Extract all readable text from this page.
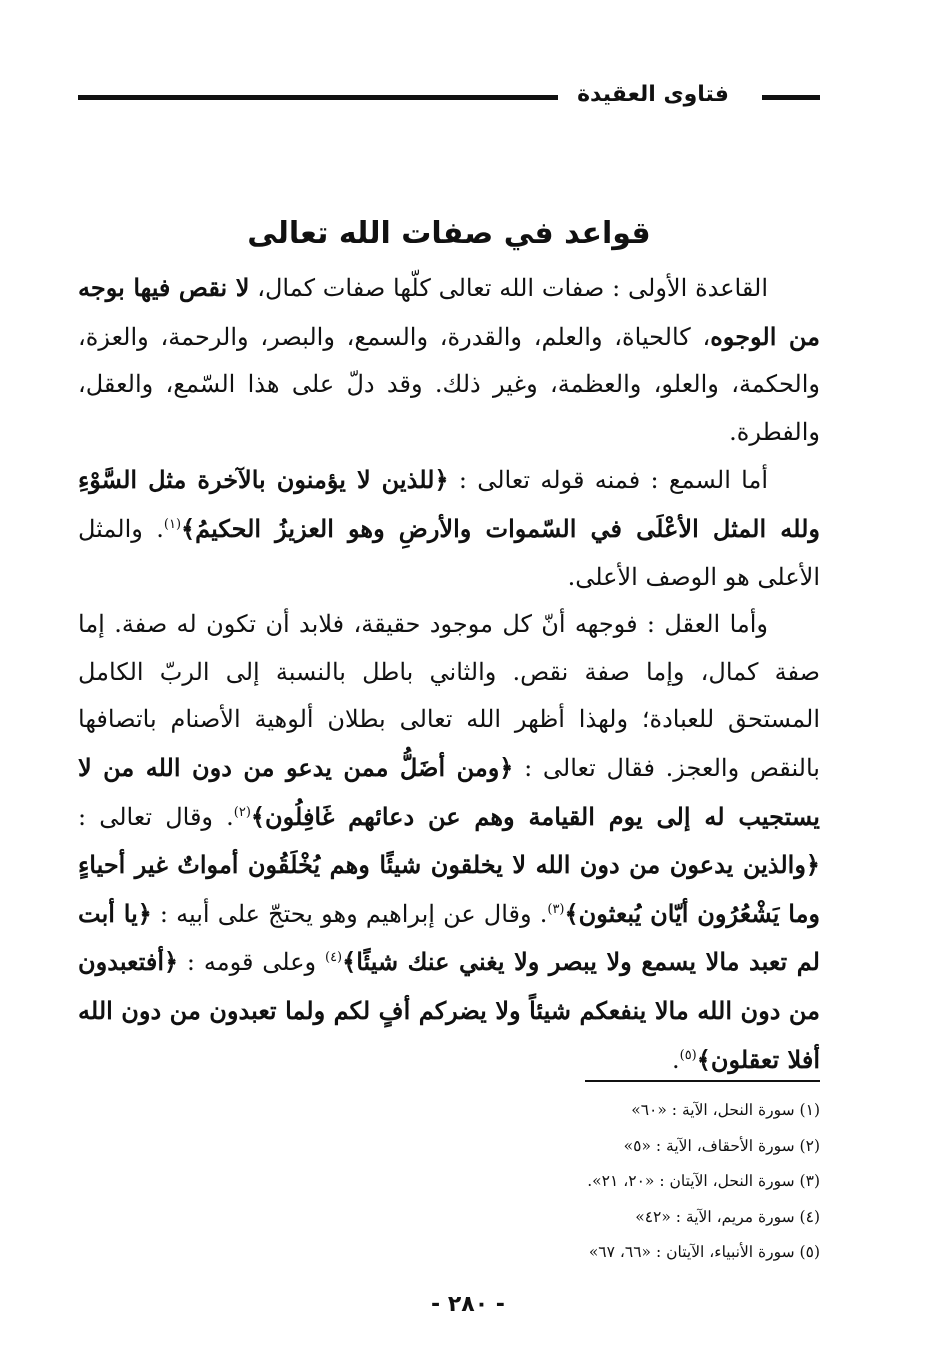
فتاوى العقيدة
قواعد في صفات الله تعالى

القاعدة الأولى : صفات الله تعالى كلّها صفات كمال، لا نقص فيها بوجه من الوجوه، كالحياة، والعلم، والقدرة، والسمع، والبصر، والرحمة، والعزة، والحكمة، والعلو، والعظمة، وغير ذلك. وقد دلّ على هذا السّمع، والعقل، والفطرة.

أما السمع : فمنه قوله تعالى : ﴿للذين لا يؤمنون بالآخرة مثل السَّوْءِ ولله المثل الأعْلَى في السّموات والأرضِ وهو العزيزُ الحكيمُ﴾$^{(١)}$. والمثل الأعلى هو الوصف الأعلى.

وأما العقل : فوجهه أنّ كل موجود حقيقة، فلابد أن تكون له صفة. إما صفة كمال، وإما صفة نقص. والثاني باطل بالنسبة إلى الربّ الكامل المستحق للعبادة؛ ولهذا أظهر الله تعالى بطلان ألوهية الأصنام باتصافها بالنقص والعجز. فقال تعالى : ﴿ومن أضَلُّ ممن يدعو من دون الله من لا يستجيب له إلى يوم القيامة وهم عن دعائهم غَافِلُون﴾$^{(٢)}$. وقال تعالى : ﴿والذين يدعون من دون الله لا يخلقون شيئًا وهم يُخْلَقُون أمواتٌ غير أحياءٍ وما يَشْعُرُون أيّان يُبعثون﴾$^{(٣)}$. وقال عن إبراهيم وهو يحتجّ على أبيه : ﴿يا أبت لم تعبد مالا يسمع ولا يبصر ولا يغني عنك شيئًا﴾$^{(٤)}$ وعلى قومه : ﴿أفتعبدون من دون الله مالا ينفعكم شيئاً ولا يضركم أفٍ لكم ولما تعبدون من دون الله أفلا تعقلون﴾$^{(٥)}$.

(١) سورة النحل، الآية : «٦٠»
(٢) سورة الأحقاف، الآية : «٥»
(٣) سورة النحل، الآيتان : «٢٠، ٢١».
(٤) سورة مريم، الآية : «٤٢»
(٥) سورة الأنبياء، الآيتان : «٦٦، ٦٧»
- ٢٨٠ -
